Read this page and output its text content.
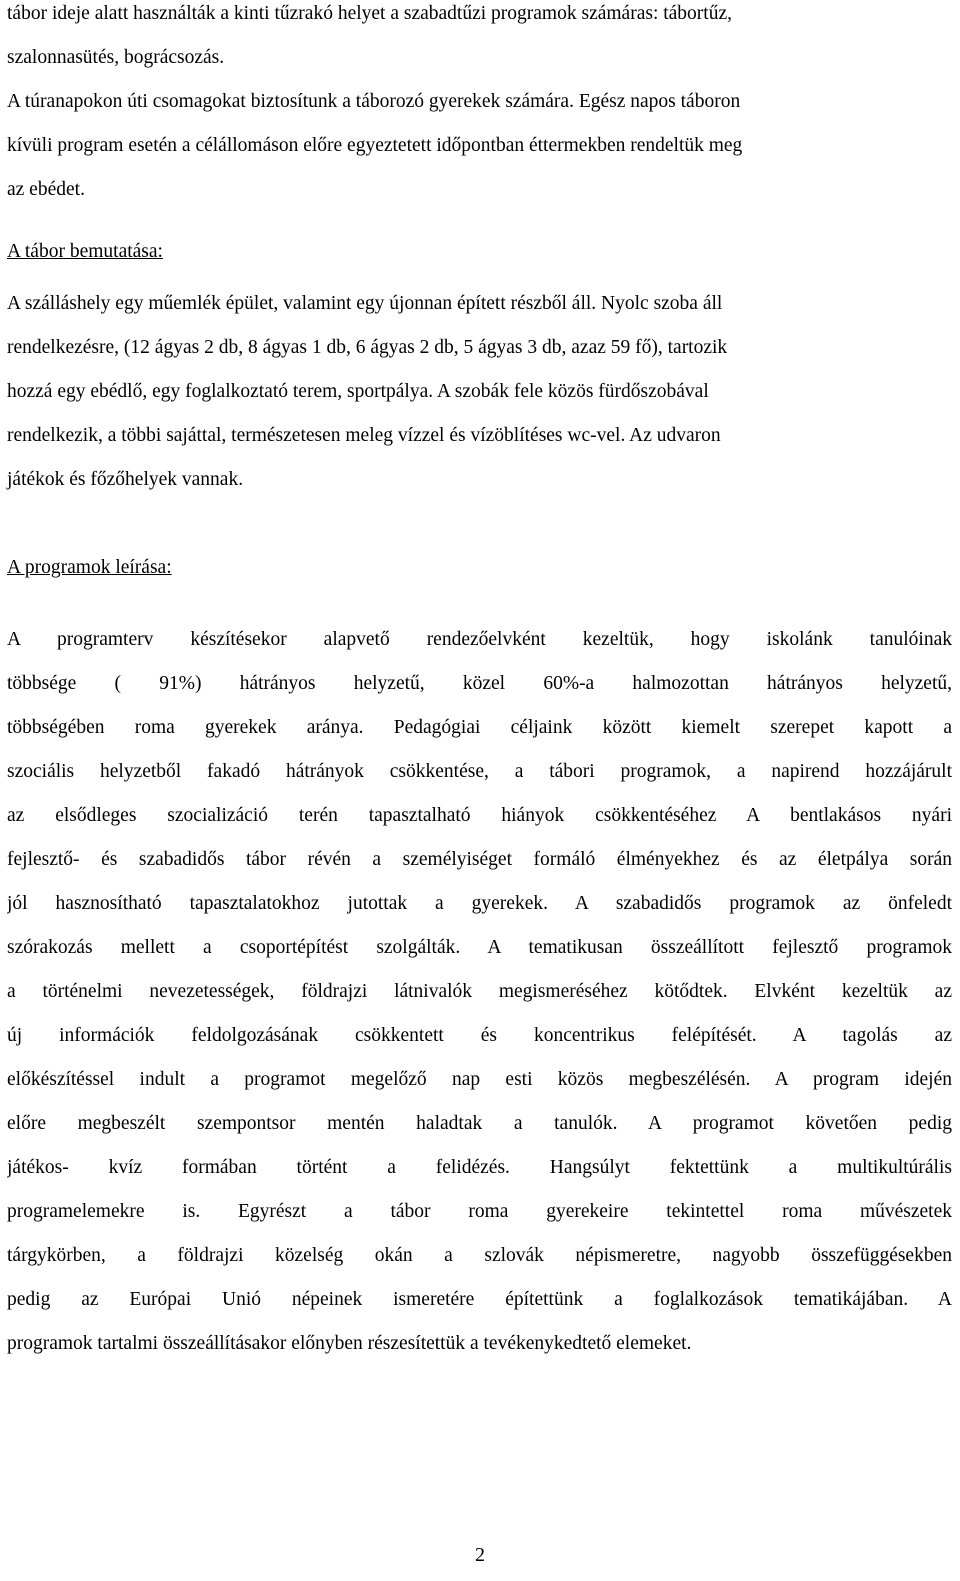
tábor ideje alatt használták a kinti tűzrakó helyet a szabadtűzi programok számáras: tábortűz,
szalonnasütés, bográcsozás.

A túranapokon úti csomagokat biztosítunk a táborozó gyerekek számára. Egész napos táboron
kívüli program esetén a célállomáson előre egyeztetett időpontban éttermekben rendeltük meg
az ebédet.

A tábor bemutatása:

A szálláshely egy műemlék épület, valamint egy újonnan épített részből áll. Nyolc szoba áll
rendelkezésre, (12 ágyas 2 db, 8 ágyas 1 db, 6 ágyas 2 db, 5 ágyas 3 db, azaz 59 fő), tartozik
hozzá egy ebédlő, egy foglalkoztató terem, sportpálya. A szobák fele közös fürdőszobával
rendelkezik, a többi sajáttal, természetesen meleg vízzel és vízöblítéses wc-vel. Az udvaron
játékok és főzőhelyek vannak.

A programok leírása:

A programterv készítésekor alapvető rendezőelvként kezeltük, hogy iskolánk tanulóinak
többsége ( 91%) hátrányos helyzetű, közel 60%-a halmozottan hátrányos helyzetű,
többségében roma gyerekek aránya. Pedagógiai céljaink között kiemelt szerepet kapott a
szociális helyzetből fakadó hátrányok csökkentése, a tábori programok, a napirend hozzájárult
az elsődleges szocializáció terén tapasztalható hiányok csökkentéséhez A bentlakásos nyári
fejlesztő- és szabadidős tábor révén a személyiséget formáló élményekhez és az életpálya során
jól hasznosítható tapasztalatokhoz jutottak a gyerekek. A szabadidős programok az önfeledt
szórakozás mellett a csoportépítést szolgálták. A tematikusan összeállított fejlesztő programok
a történelmi nevezetességek, földrajzi látnivalók megismeréséhez kötődtek. Elvként kezeltük az
új információk feldolgozásának csökkentett és koncentrikus felépítését. A tagolás az
előkészítéssel indult a programot megelőző nap esti közös megbeszélésén. A program idején
előre megbeszélt szempontsor mentén haladtak a tanulók. A programot követően pedig
játékos- kvíz formában történt a felidézés. Hangsúlyt fektettünk a multikultúrális
programelemekre is. Egyrészt a tábor roma gyerekeire tekintettel roma művészetek
tárgykörben, a földrajzi közelség okán a szlovák népismeretre, nagyobb összefüggésekben
pedig az Európai Unió népeinek ismeretére építettünk a foglalkozások tematikájában. A
programok tartalmi összeállításakor előnyben részesítettük a tevékenykedtető elemeket.

2
